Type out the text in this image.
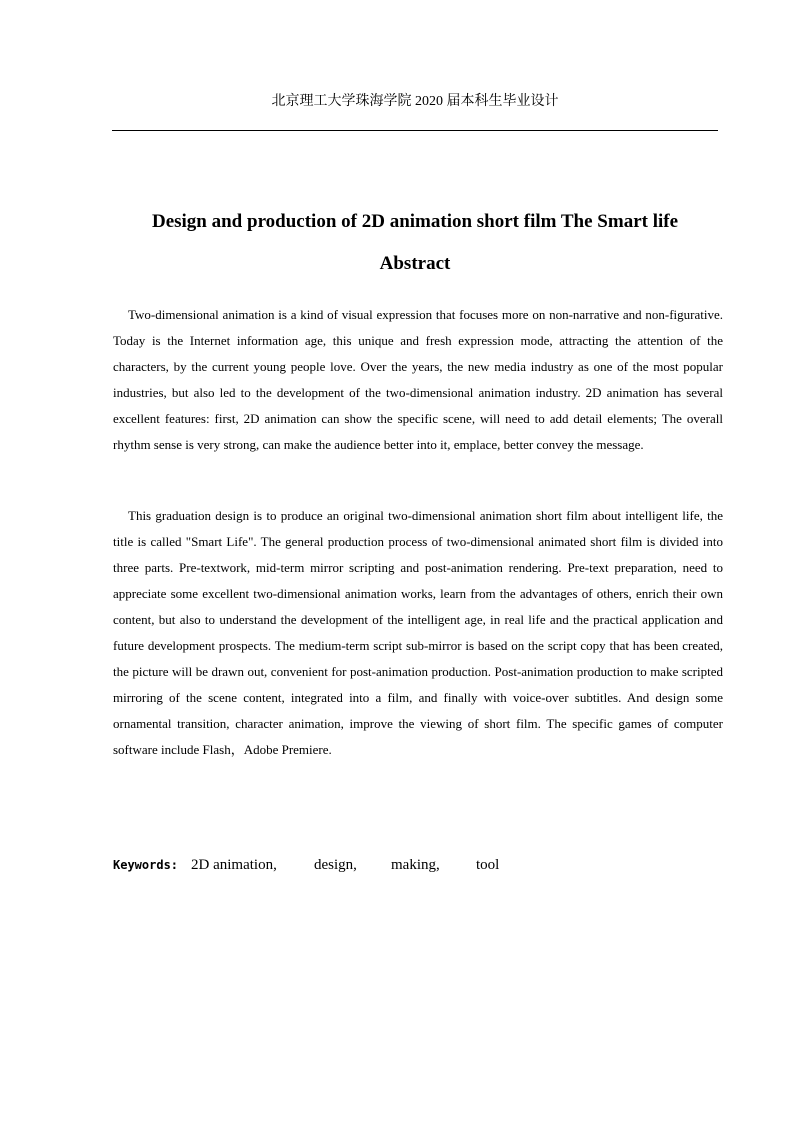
北京理工大学珠海学院 2020 届本科生毕业设计
Design and production of 2D animation short film The Smart life
Abstract

Two-dimensional animation is a kind of visual expression that focuses more on non-narrative and non-figurative. Today is the Internet information age, this unique and fresh expression mode, attracting the attention of the characters, by the current young people love. Over the years, the new media industry as one of the most popular industries, but also led to the development of the two-dimensional animation industry. 2D animation has several excellent features: first, 2D animation can show the specific scene, will need to add detail elements; The overall rhythm sense is very strong, can make the audience better into it, emplace, better convey the message.

This graduation design is to produce an original two-dimensional animation short film about intelligent life, the title is called "Smart Life". The general production process of two-dimensional animated short film is divided into three parts. Pre-textwork, mid-term mirror scripting and post-animation rendering. Pre-text preparation, need to appreciate some excellent two-dimensional animation works, learn from the advantages of others, enrich their own content, but also to understand the development of the intelligent age, in real life and the practical application and future development prospects. The medium-term script sub-mirror is based on the script copy that has been created, the picture will be drawn out, convenient for post-animation production. Post-animation production to make scripted mirroring of the scene content, integrated into a film, and finally with voice-over subtitles. And design some ornamental transition, character animation, improve the viewing of short film. The specific games of computer software include Flash，Adobe Premiere.

Keywords: 2D animation, design, making, tool
